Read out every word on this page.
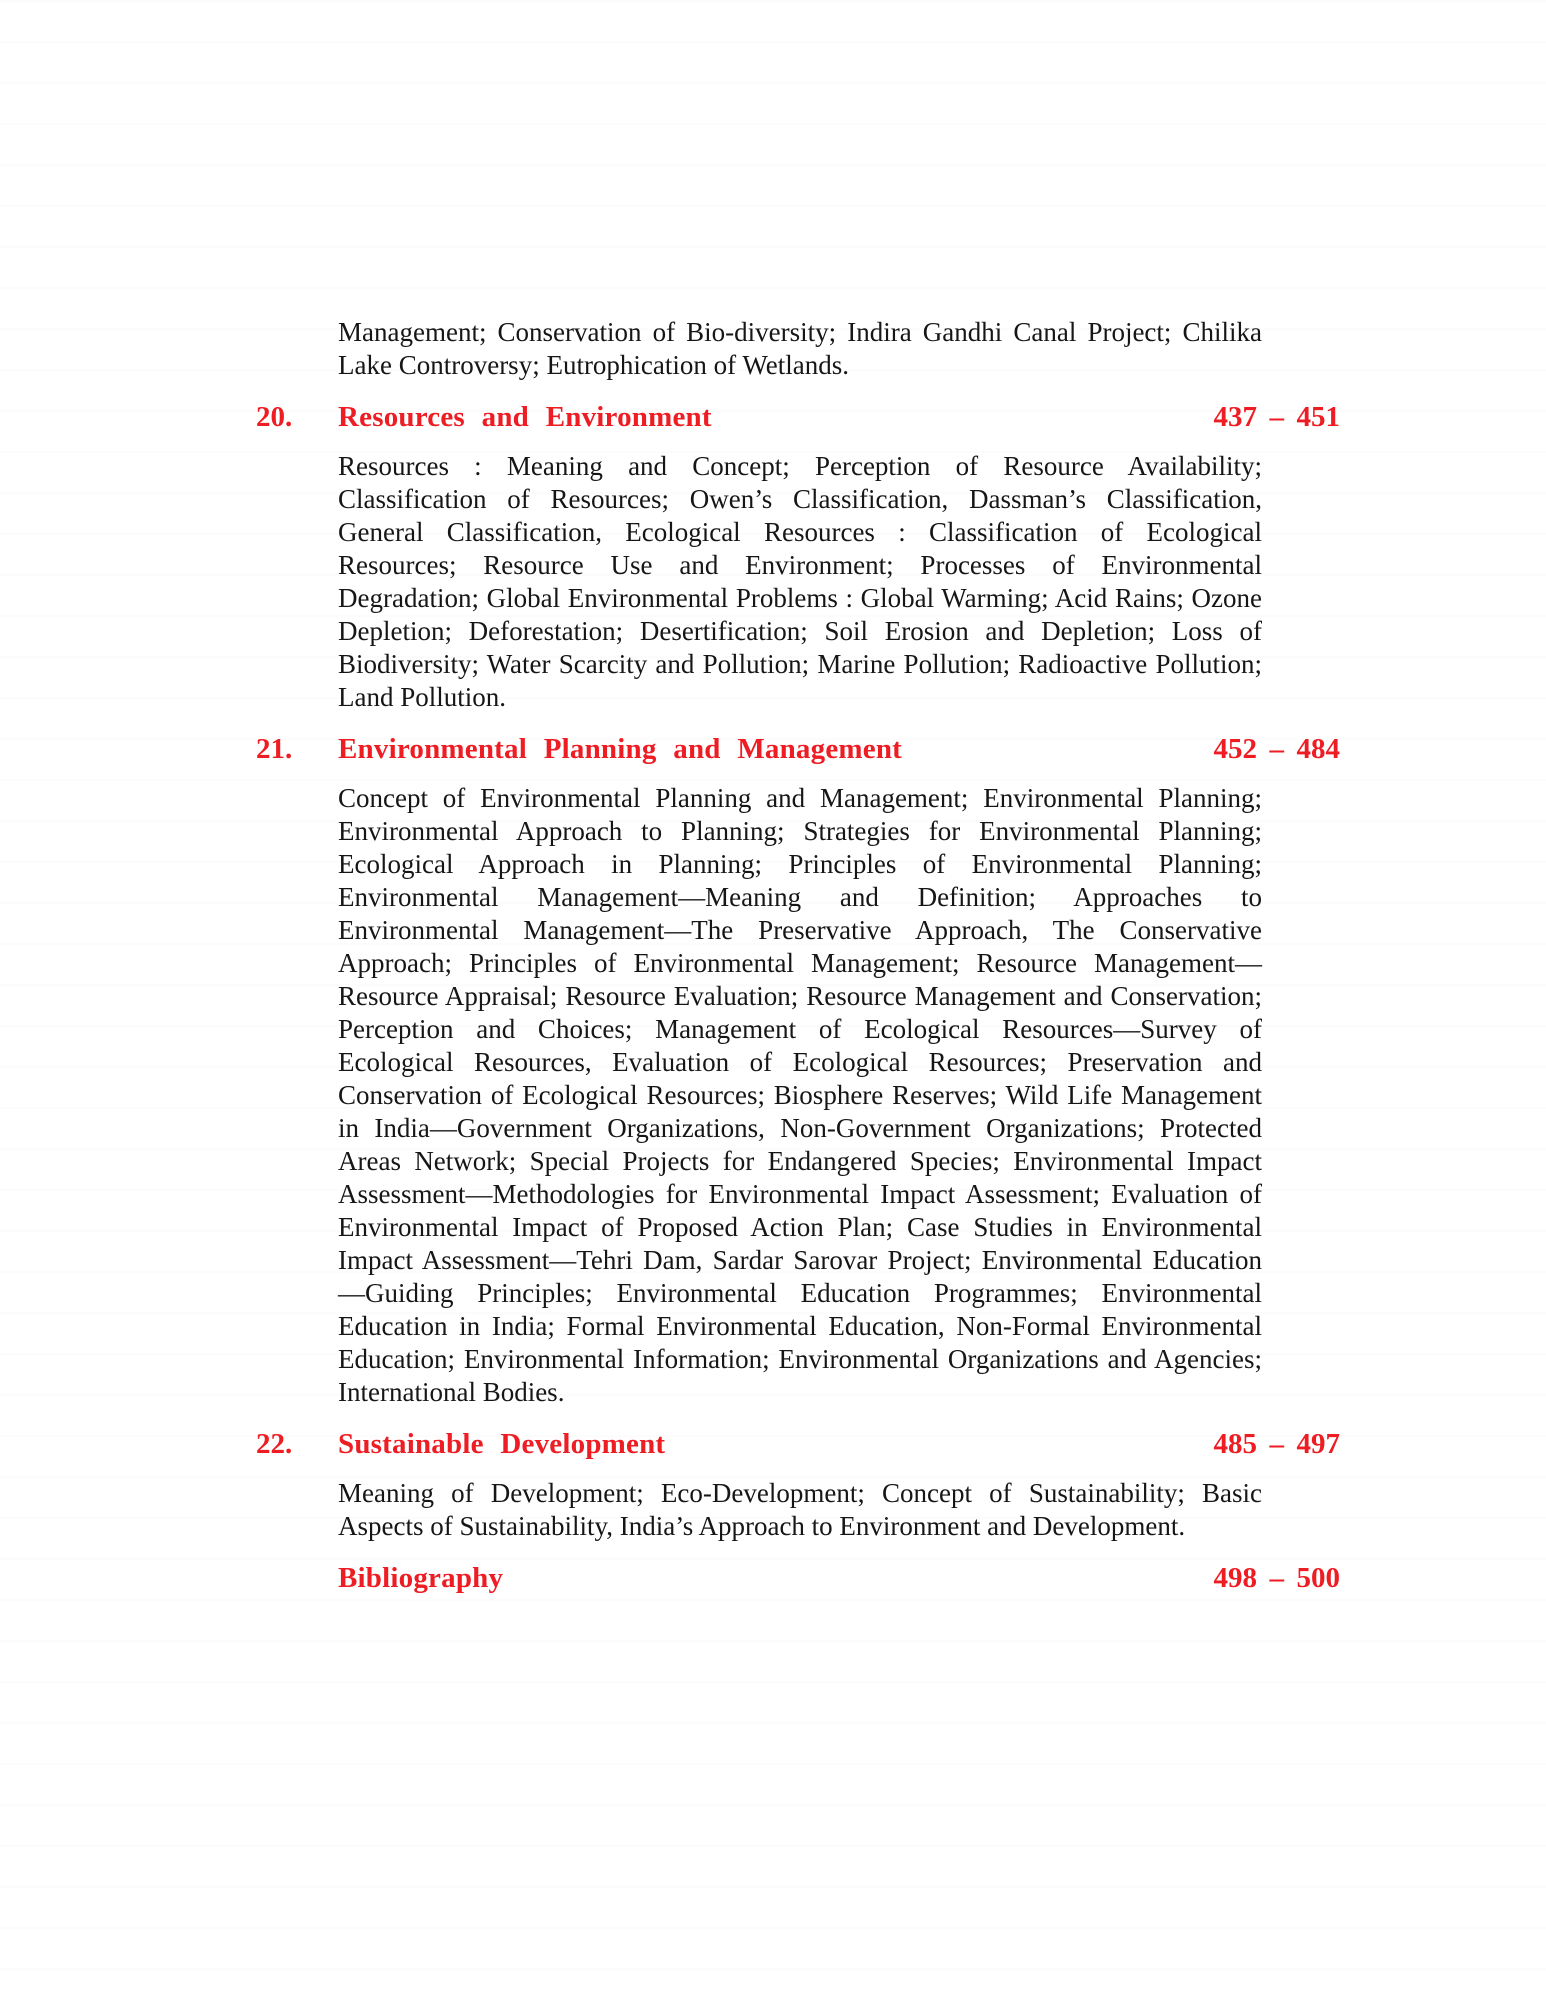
Management; Conservation of Bio-diversity; Indira Gandhi Canal Project; Chilika Lake Controversy; Eutrophication of Wetlands.

20.	Resources and Environment	437 – 451

Resources : Meaning and Concept; Perception of Resource Availability; Classification of Resources; Owen’s Classification, Dassman’s Classification, General Classification, Ecological Resources : Classification of Ecological Resources; Resource Use and Environment; Processes of Environmental Degradation; Global Environmental Problems : Global Warming; Acid Rains; Ozone Depletion; Deforestation; Desertification; Soil Erosion and Depletion; Loss of Biodiversity; Water Scarcity and Pollution; Marine Pollution; Radioactive Pollution; Land Pollution.

21.	Environmental Planning and Management	452 – 484

Concept of Environmental Planning and Management; Environmental Planning; Environmental Approach to Planning; Strategies for Environmental Planning; Ecological Approach in Planning; Principles of Environmental Planning; Environmental Management—Meaning and Definition; Approaches to Environmental Management—The Preservative Approach, The Conservative Approach; Principles of Environmental Management; Resource Management—Resource Appraisal; Resource Evaluation; Resource Management and Conservation; Perception and Choices; Management of Ecological Resources—Survey of Ecological Resources, Evaluation of Ecological Resources; Preservation and Conservation of Ecological Resources; Biosphere Reserves; Wild Life Management in India—Government Organizations, Non-Government Organizations; Protected Areas Network; Special Projects for Endangered Species; Environmental Impact Assessment—Methodologies for Environmental Impact Assessment; Evaluation of Environmental Impact of Proposed Action Plan; Case Studies in Environmental Impact Assessment—Tehri Dam, Sardar Sarovar Project; Environmental Education—Guiding Principles; Environmental Education Programmes; Environmental Education in India; Formal Environmental Education, Non-Formal Environmental Education; Environmental Information; Environmental Organizations and Agencies; International Bodies.

22.	Sustainable Development	485 – 497

Meaning of Development; Eco-Development; Concept of Sustainability; Basic Aspects of Sustainability, India’s Approach to Environment and Development.

Bibliography	498 – 500
